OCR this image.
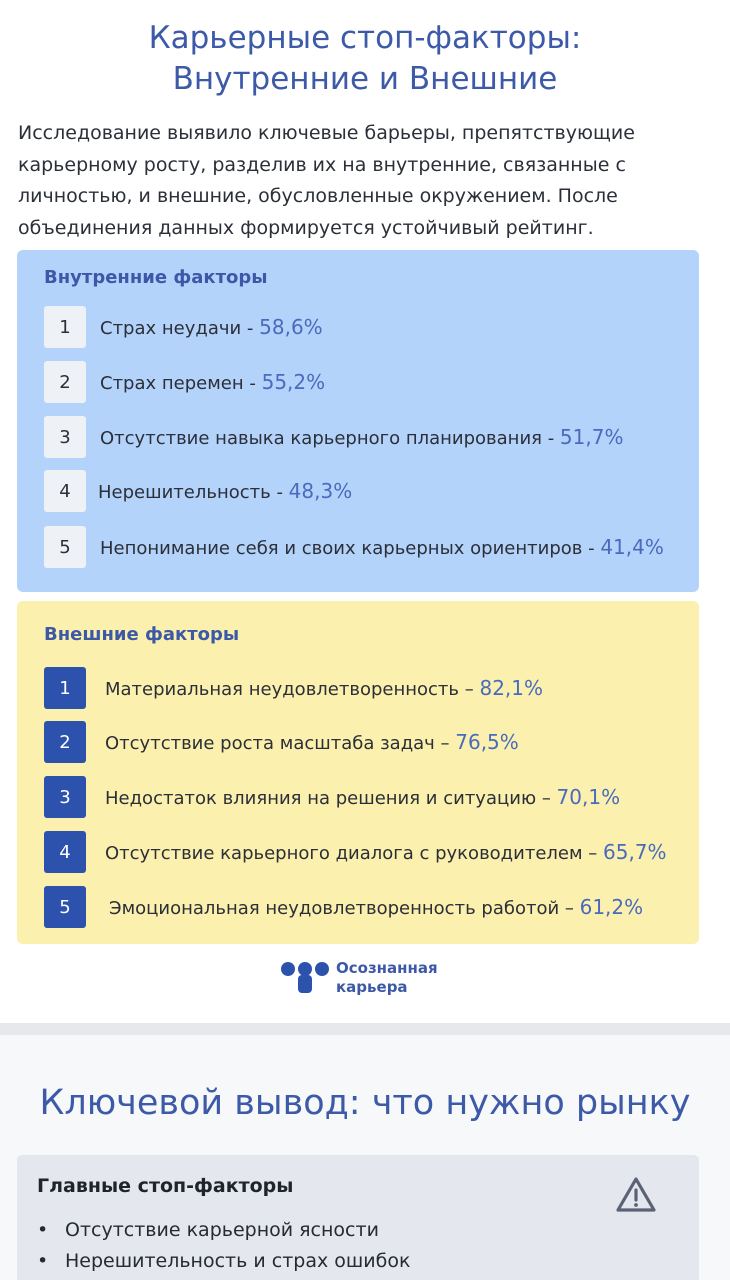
Карьерные стоп-факторы:
Внутренние и Внешние

Исследование выявило ключевые барьеры, препятствующие карьерному росту, разделив их на внутренние, связанные с личностью, и внешние, обусловленные окружением. После объединения данных формируется устойчивый рейтинг.

Внутренние факторы
1	Страх неудачи - 58,6%
2	Страх перемен - 55,2%
3	Отсутствие навыка карьерного планирования - 51,7%
4	Нерешительность - 48,3%
5	Непонимание себя и своих карьерных ориентиров - 41,4%
Внешние факторы
1	Материальная неудовлетворенность – 82,1%
2	Отсутствие роста масштаба задач – 76,5%
3	Недостаток влияния на решения и ситуацию – 70,1%
4	Отсутствие карьерного диалога с руководителем – 65,7%
5	Эмоциональная неудовлетворенность работой – 61,2%
Осознанная
карьера
Ключевой вывод: что нужно рынку
Главные стоп-факторы
• Отсутствие карьерной ясности
• Нерешительность и страх ошибок
